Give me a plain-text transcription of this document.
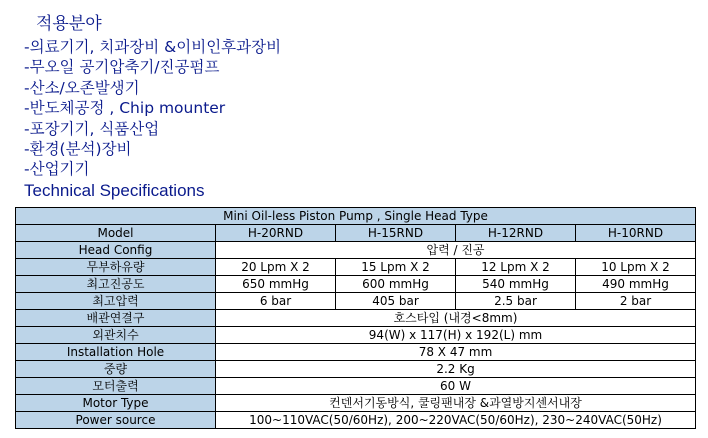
적용분야
-의료기기, 치과장비 &이비인후과장비
-무오일 공기압축기/진공펌프
-산소/오존발생기
-반도체공정 , Chip mounter
-포장기기, 식품산업
-환경(분석)장비
-산업기기
Technical Specifications
Mini Oil-less Piston Pump , Single Head Type				
Model	H-20RND	H-15RND	H-12RND	H-10RND
Head Config	압력 / 진공			
무부하유량	20 Lpm X 2	15 Lpm X 2	12 Lpm X 2	10 Lpm X 2
최고진공도	650 mmHg	600 mmHg	540 mmHg	490 mmHg
최고압력	6 bar	405 bar	2.5 bar	2 bar
배관연결구	호스타입 (내경<8mm)			
외관치수	94(W) x 117(H) x 192(L) mm			
Installation Hole	78 X 47 mm			
중량	2.2 Kg			
모터출력	60 W			
Motor Type	컨덴서기동방식, 쿨링팬내장 &과열방지센서내장			
Power source	100~110VAC(50/60Hz), 200~220VAC(50/60Hz), 230~240VAC(50Hz)			
